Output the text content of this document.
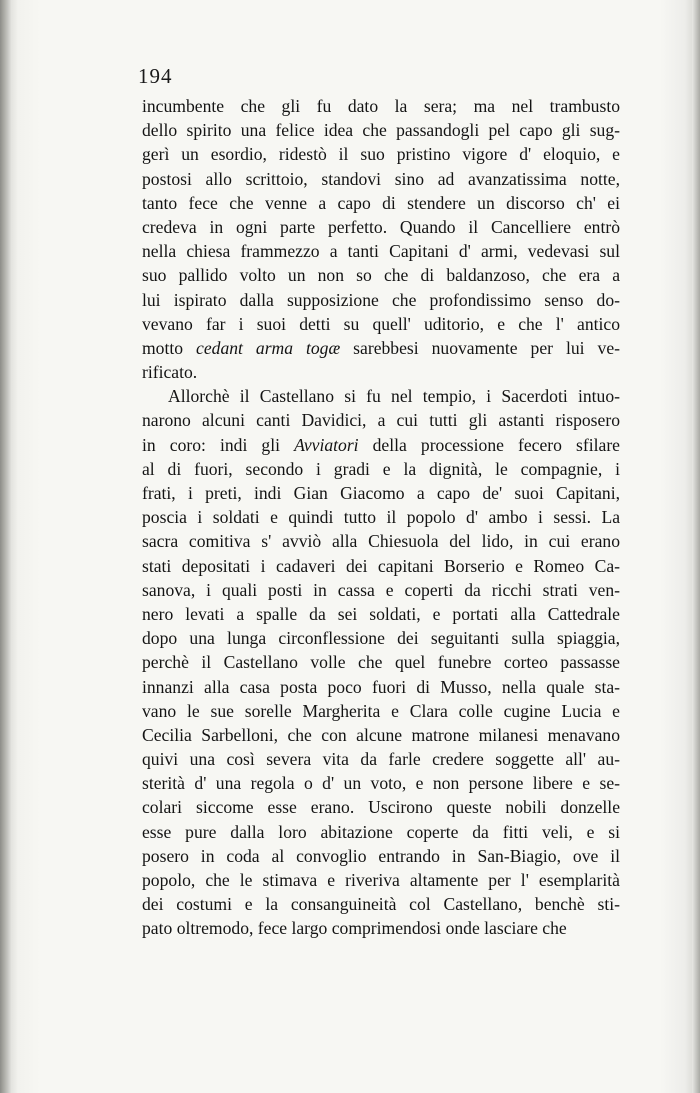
194
incumbente che gli fu dato la sera; ma nel trambusto
dello spirito una felice idea che passandogli pel capo gli sug-
gerì un esordio, ridestò il suo pristino vigore d' eloquio, e
postosi allo scrittoio, standovi sino ad avanzatissima notte,
tanto fece che venne a capo di stendere un discorso ch' ei
credeva in ogni parte perfetto. Quando il Cancelliere entrò
nella chiesa frammezzo a tanti Capitani d' armi, vedevasi sul
suo pallido volto un non so che di baldanzoso, che era a
lui ispirato dalla supposizione che profondissimo senso do-
vevano far i suoi detti su quell' uditorio, e che l' antico
motto cedant arma togæ sarebbesi nuovamente per lui ve-
rificato.
Allorchè il Castellano si fu nel tempio, i Sacerdoti intuo-
narono alcuni canti Davidici, a cui tutti gli astanti risposero
in coro: indi gli Avviatori della processione fecero sfilare
al di fuori, secondo i gradi e la dignità, le compagnie, i
frati, i preti, indi Gian Giacomo a capo de' suoi Capitani,
poscia i soldati e quindi tutto il popolo d' ambo i sessi. La
sacra comitiva s' avviò alla Chiesuola del lido, in cui erano
stati depositati i cadaveri dei capitani Borserio e Romeo Ca-
sanova, i quali posti in cassa e coperti da ricchi strati ven-
nero levati a spalle da sei soldati, e portati alla Cattedrale
dopo una lunga circonflessione dei seguitanti sulla spiaggia,
perchè il Castellano volle che quel funebre corteo passasse
innanzi alla casa posta poco fuori di Musso, nella quale sta-
vano le sue sorelle Margherita e Clara colle cugine Lucia e
Cecilia Sarbelloni, che con alcune matrone milanesi menavano
quivi una così severa vita da farle credere soggette all' au-
sterità d' una regola o d' un voto, e non persone libere e se-
colari siccome esse erano. Uscirono queste nobili donzelle
esse pure dalla loro abitazione coperte da fitti veli, e si
posero in coda al convoglio entrando in San-Biagio, ove il
popolo, che le stimava e riveriva altamente per l' esemplarità
dei costumi e la consanguineità col Castellano, benchè sti-
pato oltremodo, fece largo comprimendosi onde lasciare che
